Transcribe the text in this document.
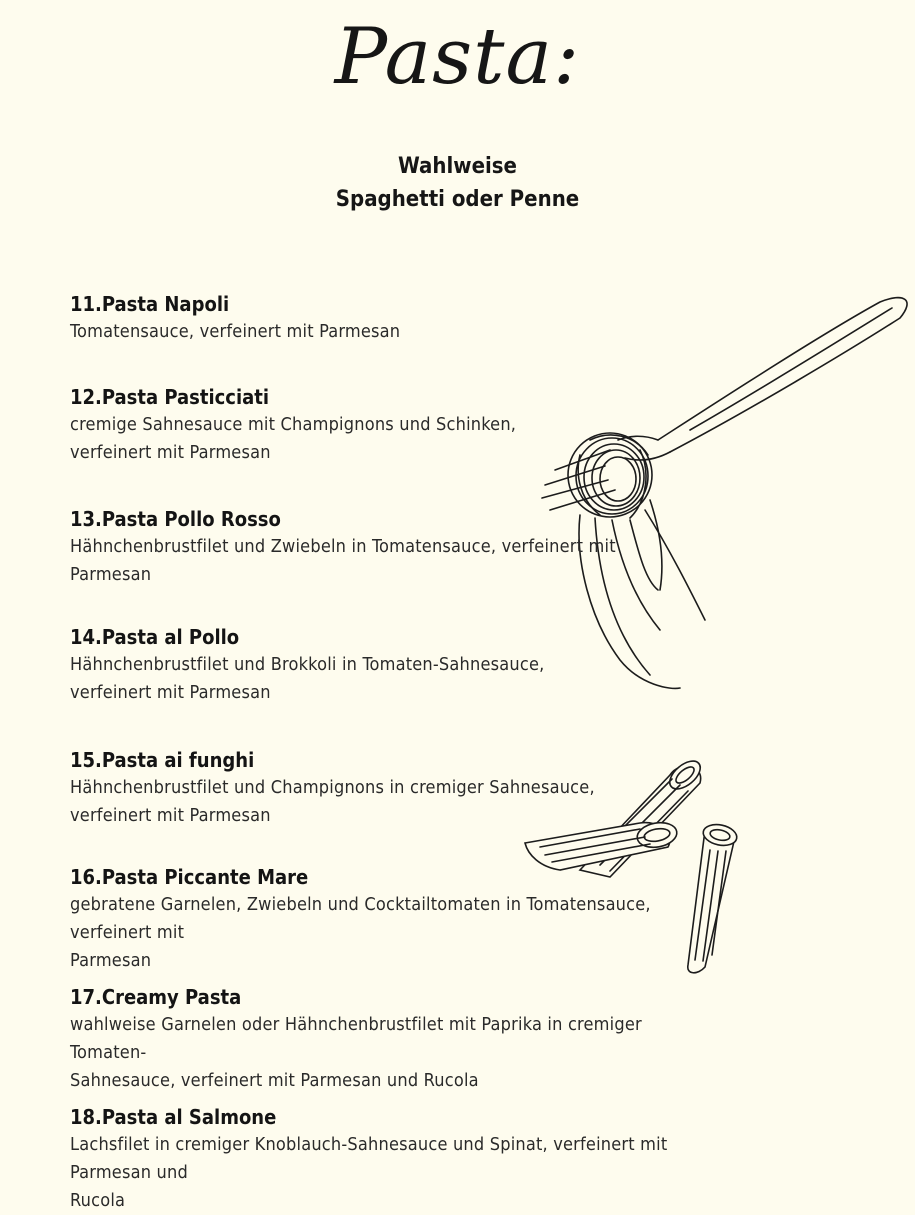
Pasta:
Wahlweise
Spaghetti oder Penne

11.Pasta Napoli

Tomatensauce, verfeinert mit Parmesan

12.Pasta Pasticciati

cremige Sahnesauce mit Champignons und Schinken,

verfeinert mit Parmesan

13.Pasta Pollo Rosso

Hähnchenbrustfilet und Zwiebeln in Tomatensauce, verfeinert mit

Parmesan

14.Pasta al Pollo

Hähnchenbrustfilet und Brokkoli in Tomaten-Sahnesauce,

verfeinert mit Parmesan

15.Pasta ai funghi

Hähnchenbrustfilet und Champignons in cremiger Sahnesauce,

verfeinert mit Parmesan

16.Pasta Piccante Mare

gebratene Garnelen, Zwiebeln und Cocktailtomaten in Tomatensauce, verfeinert mit

Parmesan

17.Creamy Pasta

wahlweise Garnelen oder Hähnchenbrustfilet mit Paprika in cremiger Tomaten-

Sahnesauce, verfeinert mit Parmesan und Rucola

18.Pasta al Salmone

Lachsfilet in cremiger Knoblauch-Sahnesauce und Spinat, verfeinert mit Parmesan und

Rucola
